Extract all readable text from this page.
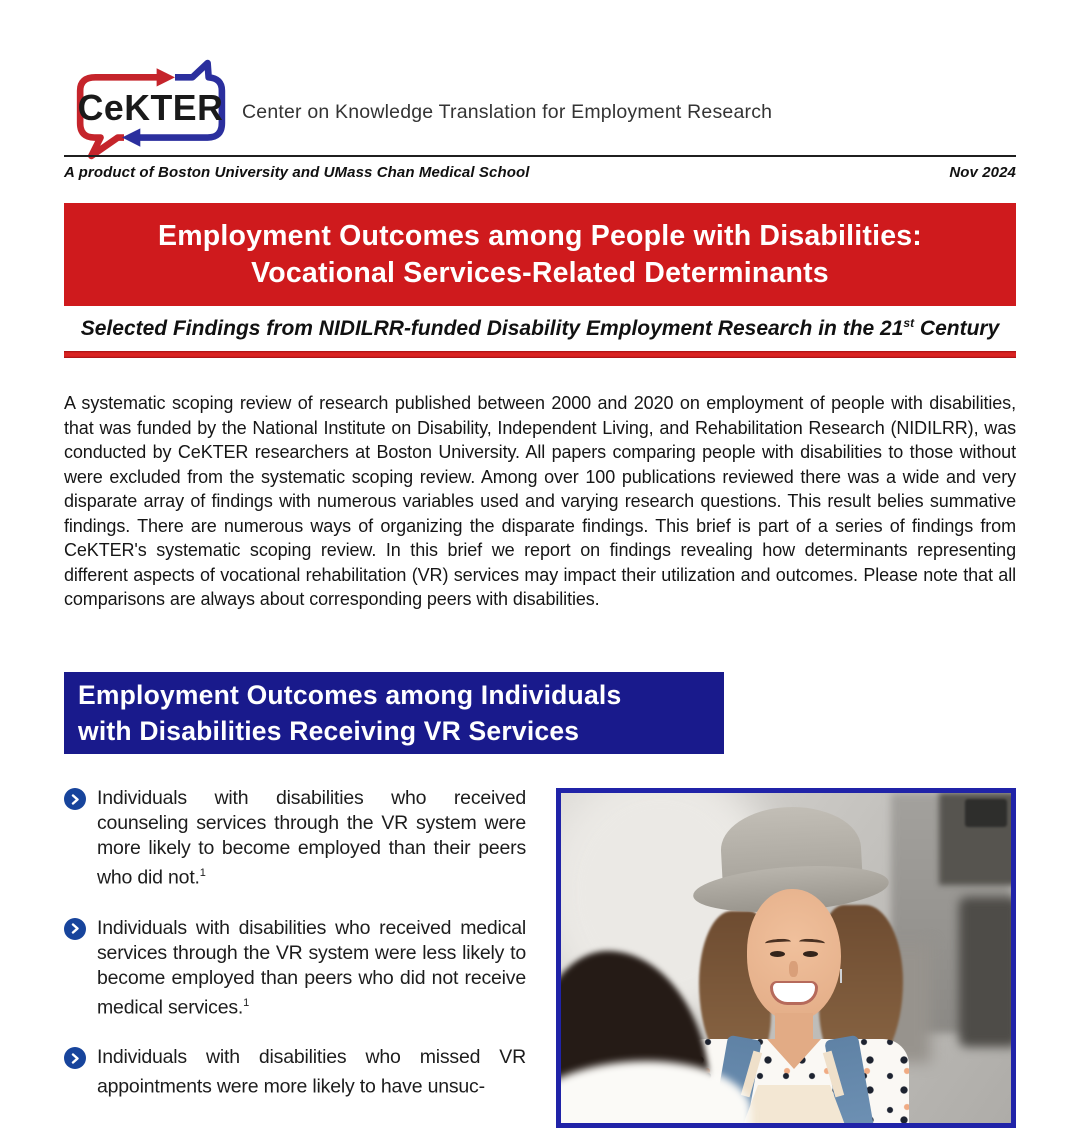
CeKTER Center on Knowledge Translation for Employment Research
A product of Boston University and UMass Chan Medical School	Nov 2024
Employment Outcomes among People with Disabilities:
Vocational Services-Related Determinants
Selected Findings from NIDILRR-funded Disability Employment Research in the 21st Century

A systematic scoping review of research published between 2000 and 2020 on employment of people with disabilities, that was funded by the National Institute on Disability, Independent Living, and Rehabilitation Research (NIDILRR), was conducted by CeKTER researchers at Boston University. All papers comparing people with disabilities to those without were excluded from the systematic scoping review. Among over 100 publications reviewed there was a wide and very disparate array of findings with numerous variables used and varying research questions. This result belies summative findings. There are numerous ways of organizing the disparate findings. This brief is part of a series of findings from CeKTER's systematic scoping review. In this brief we report on findings revealing how determinants representing different aspects of vocational rehabilitation (VR) services may impact their utilization and outcomes. Please note that all comparisons are always about corresponding peers with disabilities.

Employment Outcomes among Individuals
with Disabilities Receiving VR Services
Individuals with disabilities who received counseling services through the VR system were more likely to become employed than their peers who did not.$^1$
Individuals with disabilities who received medical services through the VR system were less likely to become employed than peers who did not receive medical services.$^1$
Individuals with disabilities who missed VR appointments were more likely to have unsuc-
